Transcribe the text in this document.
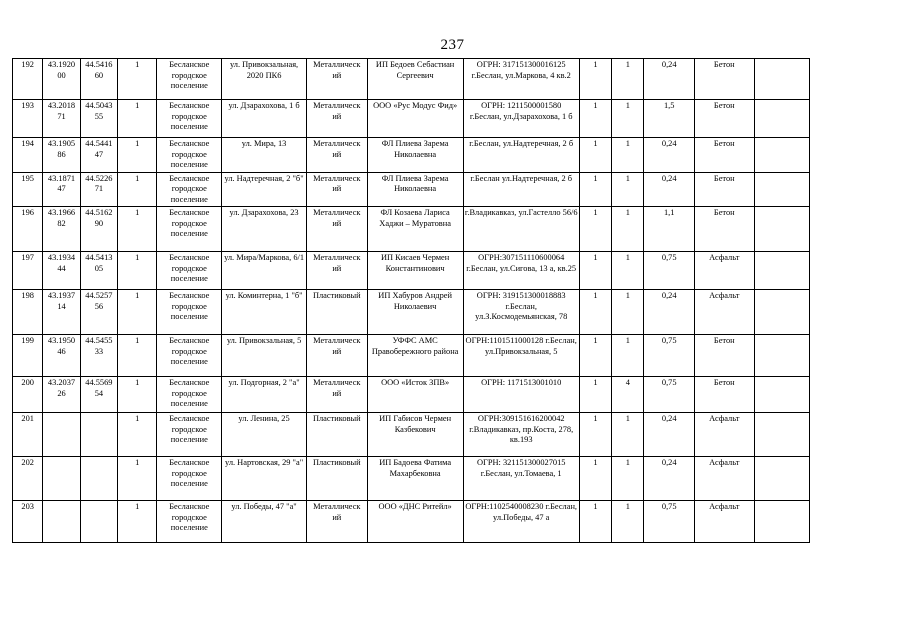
237
192	43.1920 00	44.5416 60	1	Бесланское городское поселение	ул. Привокзальная, 2020 ПК6	Металлическ ий	ИП Бедоев Себастиан Сергеевич	ОГРН: 317151300016125 г.Беслан, ул.Маркова, 4 кв.2	1	1	0,24	Бетон	
193	43.2018 71	44.5043 55	1	Бесланское городское поселение	ул. Дзарахохова, 1 б	Металлическ ий	ООО «Рус Модус Фид»	ОГРН: 1211500001580 г.Беслан, ул.Дзарахохова, 1 б	1	1	1,5	Бетон	
194	43.1905 86	44.5441 47	1	Бесланское городское поселение	ул. Мира, 13	Металлическ ий	ФЛ Плиева Зарема Николаевна	г.Беслан, ул.Надтеречная, 2 б	1	1	0,24	Бетон	
195	43.1871 47	44.5226 71	1	Бесланское городское поселение	ул. Надтеречная, 2 "б"	Металлическ ий	ФЛ Плиева Зарема Николаевна	г.Беслан ул.Надтеречная, 2 б	1	1	0,24	Бетон	
196	43.1966 82	44.5162 90	1	Бесланское городское поселение	ул. Дзарахохова, 23	Металлическ ий	ФЛ Козаева Лариса Хаджи – Муратовна	г.Владикавказ, ул.Гастелло 56/6	1	1	1,1	Бетон	
197	43.1934 44	44.5413 05	1	Бесланское городское поселение	ул. Мира/Маркова, 6/1	Металлическ ий	ИП Кисаев Чермен Константинович	ОГРН:307151110600064 г.Беслан, ул.Сигова, 13 а, кв.25	1	1	0,75	Асфальт	
198	43.1937 14	44.5257 56	1	Бесланское городское поселение	ул. Коминтерна, 1 "б"	Пластиковый	ИП Хабуров Андрей Николаевич	ОГРН: 319151300018883 г.Беслан, ул.З.Космодемьянская, 78	1	1	0,24	Асфальт	
199	43.1950 46	44.5455 33	1	Бесланское городское поселение	ул. Привокзальная, 5	Металлическ ий	УФФС АМС Правобережного района	ОГРН:1101511000128 г.Беслан, ул.Привокзальная, 5	1	1	0,75	Бетон	
200	43.2037 26	44.5569 54	1	Бесланское городское поселение	ул. Подгорная, 2 "а"	Металлическ ий	ООО «Исток ЗПВ»	ОГРН: 1171513001010	1	4	0,75	Бетон	
201			1	Бесланское городское поселение	ул. Ленина, 25	Пластиковый	ИП Габисов Чермен Казбекович	ОГРН:309151616200042 г.Владикавказ, пр.Коста, 278, кв.193	1	1	0,24	Асфальт	
202			1	Бесланское городское поселение	ул. Нартовская, 29 "а"	Пластиковый	ИП Бадоева Фатима Махарбековна	ОГРН: 321151300027015 г.Беслан, ул.Томаева, 1	1	1	0,24	Асфальт	
203			1	Бесланское городское поселение	ул. Победы, 47 "а"	Металлическ ий	ООО «ДНС Ритейл»	ОГРН:1102540008230 г.Беслан, ул.Победы, 47 а	1	1	0,75	Асфальт	
